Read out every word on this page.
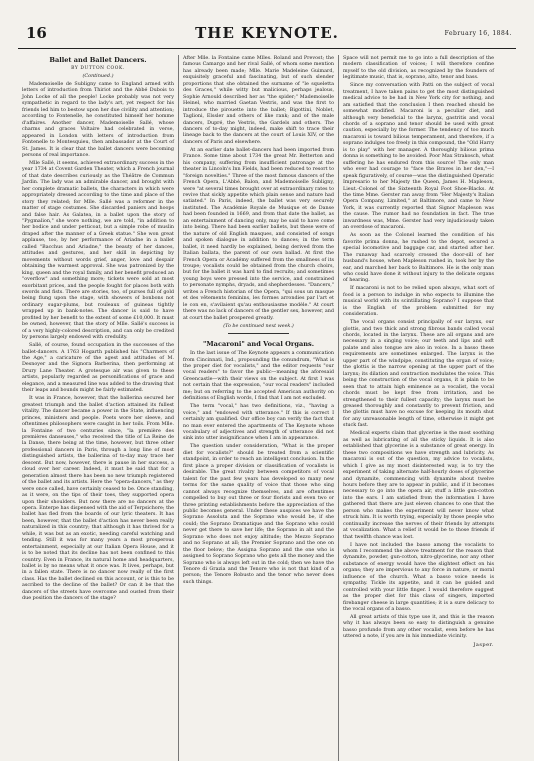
16	THE KEYNOTE.	February 16, 1884.
Ballet and Ballet Dancers.
BY DUTTON COOK.
(Continued.)

Mademoiselle de Subligny came to England armed with letters of introduction from Thiriot and the Abbé Dubois to John Locke of all the people! Locke probably was not very sympathetic in regard to the lady's art, yet respect for his friends led him to bestow upon her due civility and attention; according to Fontenelle, he constituted himself her homme d'affaires. Another dancer, Mademoiselle Sallé, whose charms and graces Voltaire had celebrated in verse, appeared in London with letters of introduction from Fontenelle to Montesquieu, then ambassador at the Court of St. James. It is clear that the ballet dancers were becoming persons of real importance.

Mlle Sallé, it seems, achieved extraordinary success in the year 1734 at Covent Garden Theater, which a French journal of that date describes curiously as the Théâtre de Commun Jardin. The lady was an admirable dancer, and brought with her complete dramatic ballets, the characters in which were appropriately dressed according to the time and place of the story they related; for Mlle. Sallé was a reformer in the matter of stage costumes. She discarded paniers and hoops and false hair. As Galatea, in a ballet upon the story of "Pygmalion," she wore nothing, we are told, "in addition to her bodice and under petticoat, but a simple robe of muslin draped after the manner of a Greek statue." She won great applause, too, by her performance of Ariadne in a ballet called "Bacchus and Ariadne," the beauty of her dances, attitudes and gestures, and her skill in depicting by movements without words grief, anger, love and despair obtaining the warmest approval. She was patronized by the king, queen and the royal family, and her benefit produced an "overflow" and something more; tickets were sold at most exorbitant prices, and the people fought for places both with swords and fists. There are stories, too, of purses full of gold being flung upon the stage, with showers of bonbons not ordinary sugar-plums, but rouleaux of guineas tightly wrapped up in bank-notes. The dancer is said to have profited by her benefit to the extent of some £10,000. It must be owned, however, that the story of Mlle. Sallé's success is of a very highly-colored description, and can only be credited by persons largely endowed with credulity.

Sallé, of course, found occupation in the successes of the ballet-dancers. A 1763 Hogarth published his "Charmers of the Age," a caricature of the agest and attitudes of M. Desnoyer and the Signora Barberina, then performing at Drury Lane Theater. A grotesque air was given to these artists, popularly regarded as personifications of grace and elegance, and a measured line was added to the drawing that their leaps and bounds might be fairly estimated.

It was in France, however, that the ballerina secured her greatest triumph and the ballet d'action attained its fullest vitality. The dancer became a power in the State, influencing princes, ministers and people. Poets wore her sleeve, and oftentimes philosophers were caught in her toils. From Mlle. la Fontaine of two centuries since, "la première des premières danseuses," who received the title of La Reine de la Danse, there being at the time, however, but three other professional dancers in Paris, through a long line of most distinguished artists, the ballerina of to-day may trace her descent. But now, however, there is pause in her success, a cloud over her career. Indeed, it must be said that for a generation almost there has been no new triumph registered of the ballet and its artists. Here the "opera-dancers," as they were once called, have certainly ceased to be. Once standing, as it were, on the tips of their toes, they supported opera upon their shoulders. But now there are no dancers at the opera. Enterpe has dispensed with the aid of Terpsichore; the ballet has fled from the boards of our lyric theaters. It has been, however, that the ballet d'action has never been really naturalized in this country; that although it has thrived for a while, it was but as an exotic, needing careful watching and tending. Still it was for many years a most prosperous entertainment, especially at our Italian Opera House, and it is to be noted that its decline has not been confined to this country. Even in France, its natural home and headquarters, ballet is by no means what it once was. It lives, perhaps, but in a fallen state. There is no dancer now really of the first class. Has the ballet declined on this account, or is this to be ascribed to the decline of the ballet? Or can it be that the dancers of the streets have overcome and ousted from their due position the dancers of the stage?

After Mlle. la Fontaine came Mlles. Roland and Prevost; the famous Camargo and her rival Sallé, of whom some mention has already been made; Mlle. Marie Madeleine Guimard, exquisitely graceful and fascinating, but of such slender proportions that she obtained the surname of "le squeletta des Graces," while witty but malicious, perhaps jealous, Sophie Arnould described her as "the spider;" Mademoiselle Heinel, who married Gaetan Vestris, and was the first to introduce the pirouette into the ballet; Bigottini, Noblet, Taglioni, Elssler and others of like rank; and of the male dancers, Dupré, the Vestris, the Gardels and others. The dancers of to-day might, indeed, make shift to trace their lineage back to the dancers at the court of Louis XIV, or the dancers of Paris and elsewhere.

At an earlier date ballet-dancers had been imported from France. Some time about 1734 the great Mr. Betterton and his company, suffering from insufficient patronage at the theater in Lincoln's Inn Fields, had been reduced to resort to "foreign novelties." Three of the most famous dancers of the French Opera, L'Abbé, Balon, and Mademoiselle Subligny, were "at several times brought over at extraordinary rates to revive that sickly appetite which plain sense and nature had satiated." In Paris, indeed, the ballet was very securely instituted. The Académie Royale de Musique et de Danse had been founded in 1669, and from that date the ballet, as an entertainment of dancing only, may be said to have come into being. There had been earlier ballets, but these were of the nature of old English masques, and consisted of songs and spoken dialogue in addition to dances; in the term ballet, it need hardly be explained, being derived from the Italian ballata, the parent of our own ballad. At first the French Opera or Académy suffered from the smallness of its troupe; vocalists could be obtained from the church choirs, but for the ballet it was hard to find recruits; and sometimes young boys were pressed into the service, and constrained to personate nymphs, dryads, and shepherdesses. "Dancers," writes a French historian of the Opera, "qui sous un masque et des vêtements feminins, les formes arrondies par l'art et le con en, s'avilaient qu'au enthousiasme modèle." At court there was no lack of dancers of the gentler sex, however, and at court the ballet prospered greatly.

(To be continued next week.)
"Macaroni" and Vocal Organs.

In the last issue of The Keynote appears a communication from Cincinnati, Ind., propounding the conundrum, "What is the proper diet for vocalists," and the editor requests "our vocal readers" to favor the public—meaning the aforesaid Greencastle—with their views on the subject. At first I was not certain that the expression, "our vocal readers" included me; but on referring to the accepted American authority on definitions of English words, I find that I am not excluded.

The term "vocal," has two definitions, viz., "having a voice," and "endowed with utterance." If this is correct I certainly am qualified. Our office boy can verify the fact that no man ever entered the apartments of The Keynote whose vocabulary of adjectives and strength of utterance did not sink into utter insignificance when I am in appearance.

The question under consideration, "What is the proper diet for vocalists?" should be treated from a scientific standpoint, in order to reach an intelligent conclusion. In the first place a proper division or classification of vocalists is desirable. The great rivalry between competitors of vocal talent for the past few years has developed so many new terms for the same quality of voice that those who sing cannot always recognize themselves, and are oftentimes compelled to buy out three or four florists and even two or three printing establishments before the appreciation of the public becomes general. Under these auspices we have the Soprano Assoluta and the Soprano who would be, if she could; the Soprano Dramatique and the Soprano who could never get there to save her life; the Soprano in alt and the Soprano who does not enjoy altitude; the Mezzo Soprano and no Soprano at all; the Premier Soprano and the one on the floor below; the Assigna Soprano and the one who is assigned to Soprano Soprano who gets all the money and the Soprano who is always left out in the cold; then we have the Tenore di Grazia and the Tenore who is not that kind of a person; the Tenore Robusto and the tenor who never does such things.

Space will not permit me to go into a full description of the modern classification of voices; I will therefore confine myself to the old division, as recognized by the founders of legitimate music, that is, soprano, alto, tenor and bass.

Since my conversation with Patti on the subject of vocal treatment, I have taken pains to get the most distinguished medical advice to be had in New York city for nothing, and am satisfied that the conclusion I then reached should be somewhat modified. Macaroni is a peculiar diet, and although very beneficial to the larynx, gastritis and vocal chords of a soprano and tenor should be used with great caution, especially by the former. The tendency of too much macaroni is toward bilious temperament, and therefore, if a soprano indulges too freely in this compound, the "Old Harry is to play" with her manager. A thoroughly bilious prima donna is something to be avoided. Poor Max Strakosch, what suffering he has endured from this source! The only man who ever had courage to "face the Braves in her den,"—I speak figuratively, of course—was the distinguished Operatic Impresario to her Majesty the Queen, James H. Mapleson, Lieut.-Colonel of the Sixteenth Royal Foot Shoe-Blacks. At the time Mme. Gerster ran away from "Her Majesty's Italian Opera Company, Limited," at Baltimore, and came to New York, it was currently reported that Signor Mapleson was the cause. The rumor had no foundation in fact. The true inwardness was, Mme. Gerster had very injudiciously taken an overdose of macaroni.

As soon as the Colonel learned the condition of his favorite prima donna, he rushed to the depot, secured a special locomotive and baggage car, and started after her. The runaway had scarcely crossed the door-sill of her husband's house, when Mapleson rushed in, took her by the ear, and marched her back to Baltimore. He is the only man who could have done it without injury to the delicate organs of hearing.

If macaroni is not to be relied upon always, what sort of food is a person to indulge in who expects to illumine the musical world with its scintillating Soprano? I suppose that is the English of the problem submitted for my consideration.

The vocal organs consist principally of our larynx, our glottis, and two thick and strong fibrous bands called vocal chords, located in the larynx. These are all organs and are necessary in a singing voice; our teeth and lips and soft palate and also tongue are also in voice. In a basso these requirements are sometimes enlarged. The larynx is the upper part of the windpipe, constituting the organ of voice; the glottis is the narrow opening at the upper part of the larynx; its dilation and contraction modulates the voice. This being the construction of the vocal organs, it is plain to be seen that to attain high eminence as a vocalist, the vocal chords must be kept free from irritation, and be strengthened to their fullest capacity; the larynx must be greased thoroughly and constantly to prevent friction, and the glottis must have no excuse for keeping its mouth shut for any unreasonable length of time, otherwise it might get stuck fast.

Medical experts claim that glycerine is the most soothing as well as lubricating of all the sticky liquids. It is also established that glycerine is a substance of great energy. In these two compositions we have strength and lubricity. As macaroni is out of the question, my advice to vocalists, which I give as my most disinterested way, is to try the experiment of taking alternate half-hourly doses of glycerine and dynamite, commencing with dynamite about twelve hours before they are to appear in public, and if it becomes necessary to go into the opera air, stuff a little gun-cotton into the ears. I am satisfied from the information I have gathered that there are just eleven chances to one that the person who makes the experiment will never know what struck him. It is worth trying, especially by those people who continually increase the nerves of their friends by attempts at vocalization. What a relief it would be to those friends if that twelfth chance was lost.

I have not included the basso among the vocalists to whom I recommend the above treatment for the reason that dynamite, powder, gun-cotton, nitro-glycerine, nor any other substance of energy would have the slightest effect on his organs; they are impervious to any force in nature, or moral influence of the church. What a basso voice needs is sympathy. Tickle its appetite, and it can be guided and controlled with your little finger. I would therefore suggest as the proper diet for this class of singers, imported firebanger cheese in large quantities; it is a sure delicacy to the vocal organs of a basso.

All great artists of this type use it, and this is the reason why it has always been so easy to distinguish a genuine basso profundo from any other vocalist, even before he has uttered a note, if you are in his immediate vicinity.

Jasper.
